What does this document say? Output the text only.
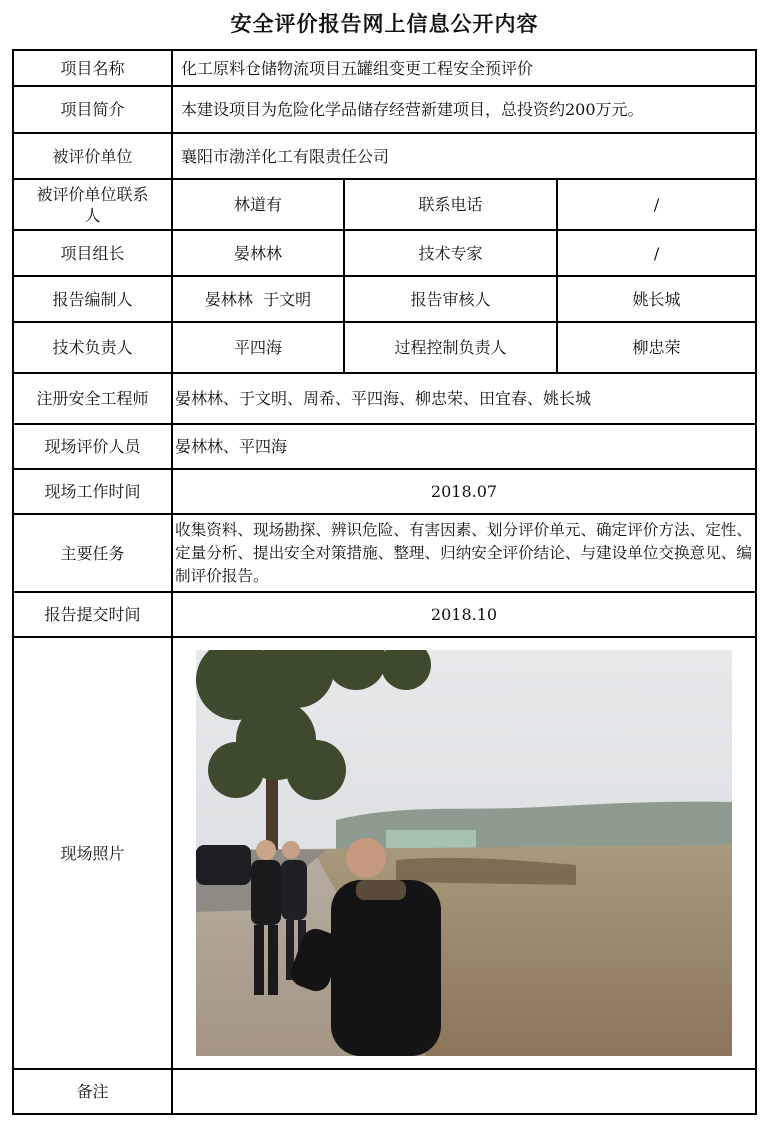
安全评价报告网上信息公开内容
项目名称	化工原料仓储物流项目五罐组变更工程安全预评价		
项目简介	本建设项目为危险化学品储存经营新建项目，总投资约200万元。		
被评价单位	襄阳市渤洋化工有限责任公司		
被评价单位联系人	林道有	联系电话	/
项目组长	晏林林	技术专家	/
报告编制人	晏林林  于文明	报告审核人	姚长城
技术负责人	平四海	过程控制负责人	柳忠荣
注册安全工程师	晏林林、于文明、周希、平四海、柳忠荣、田宜春、姚长城		
现场评价人员	晏林林、平四海		
现场工作时间	2018.07		
主要任务	收集资料、现场勘探、辨识危险、有害因素、划分评价单元、确定评价方法、定性、定量分析、提出安全对策措施、整理、归纳安全评价结论、与建设单位交换意见、编制评价报告。		
报告提交时间	2018.10		
现场照片	

备注			
